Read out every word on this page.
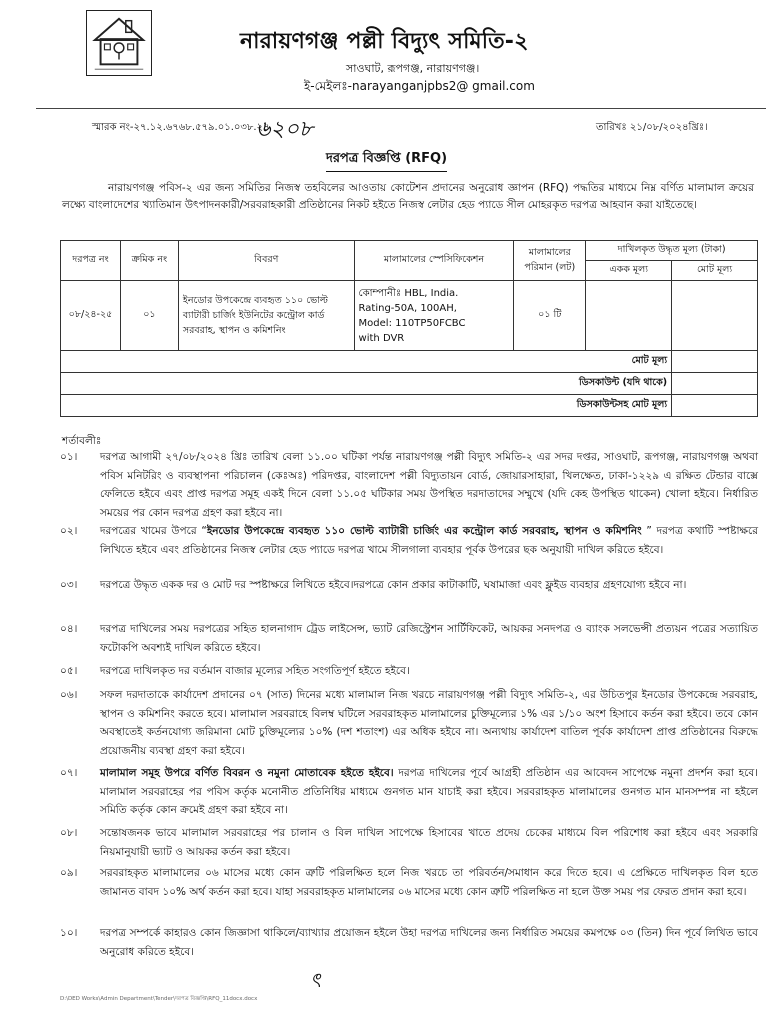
নারায়ণগঞ্জ পল্লী বিদ্যুৎ সমিতি-২
সাওঘাট, রূপগঞ্জ, নারায়ণগঞ্জ।
ই-মেইলঃ-narayanganjpbs2@ gmail.com
স্মারক নং-২৭.১২.৬৭৬৮.৫৭৯.০১.০৩৮.২৪
৬২০৮	তারিখঃ ২১/০৮/২০২৪খ্রিঃ।
দরপত্র বিজ্ঞপ্তি (RFQ)
নারায়ণগঞ্জ পবিস-২ এর জন্য সমিতির নিজস্ব তহবিলের আওতায় কোটেশন প্রদানের অনুরোধ জ্ঞাপন (RFQ) পদ্ধতির মাধ্যমে নিম্ন বর্ণিত মালামাল ক্রয়ের লক্ষ্যে বাংলাদেশের খ্যাতিমান উৎপাদনকারী/সরবরাহকারী প্রতিষ্ঠানের নিকট হইতে নিজস্ব লেটার হেড প্যাডে সীল মোহরকৃত দরপত্র আহবান করা যাইতেছে।
দরপত্র নং	ক্রমিক নং	বিবরণ	মালামালের স্পেসিফিকেশন	মালামালের পরিমান (লট)	দাখিলকৃত উদ্ধৃত মূল্য (টাকা)	
					একক মূল্য	মোট মূল্য
০৮/২৪-২৫	০১	ইনডোর উপকেন্দ্রে ব্যবহৃত ১১০ ভোল্ট ব্যাটারী চার্জিং ইউনিটের কন্ট্রোল কার্ড সরবরাহ, স্থাপন ও কমিশনিং	কোম্পানীঃ HBL, India.
Rating-50A, 100AH,
Model: 110TP50FCBC
with DVR	০১ টি		
মোট মূল্য						
ডিসকাউন্ট (যদি থাকে)						
ডিসকাউন্টসহ মোট মূল্য						
শর্তাবলীঃ
০১।	দরপত্র আগামী ২৭/০৮/২০২৪ খ্রিঃ তারিখ বেলা ১১.০০ ঘটিকা পর্যন্ত নারায়ণগঞ্জ পল্লী বিদ্যুৎ সমিতি-২ এর সদর দপ্তর, সাওঘাট, রূপগঞ্জ, নারায়ণগঞ্জ অথবা পবিস মনিটরিং ও ব্যবস্থাপনা পরিচালন (কেঃঅঃ) পরিদপ্তর, বাংলাদেশ পল্লী বিদ্যুতায়ন বোর্ড, জোয়ারসাহারা, খিলক্ষেত, ঢাকা-১২২৯ এ রক্ষিত টেন্ডার বাক্সে ফেলিতে হইবে এবং প্রাপ্ত দরপত্র সমূহ একই দিনে বেলা ১১.০৫ ঘটিকার সময় উপস্থিত দরদাতাদের সম্মুখে (যদি কেহ উপস্থিত থাকেন) খোলা হইবে। নির্ধারিত সময়ের পর কোন দরপত্র গ্রহণ করা হইবে না।
০২।	দরপত্রের খামের উপরে “ইনডোর উপকেন্দ্রে ব্যবহৃত ১১০ ভোল্ট ব্যাটারী চার্জিং এর কন্ট্রোল কার্ড সরবরাহ, স্থাপন ও কমিশনিং ” দরপত্র কথাটি স্পষ্টাক্ষরে লিখিতে হইবে এবং প্রতিষ্ঠানের নিজস্ব লেটার হেড প্যাডে দরপত্র খামে সীলগালা ব্যবহার পূর্বক উপরের ছক অনুযায়ী দাখিল করিতে হইবে।
০৩।	দরপত্রে উদ্ধৃত একক দর ও মোট দর স্পষ্টাক্ষরে লিখিতে হইবে।দরপত্রে কোন প্রকার কাটাকাটি, ঘষামাজা এবং ফ্লুইড ব্যবহার গ্রহণযোগ্য হইবে না।
০৪।	দরপত্র দাখিলের সময় দরপত্রের সহিত হালনাগাদ ট্রেড লাইসেন্স, ভ্যাট রেজিস্ট্রেশন সার্টিফিকেট, আয়কর সনদপত্র ও ব্যাংক সলভেন্সী প্রত্যয়ন পত্রের সত্যায়িত ফটোকপি অবশ্যই দাখিল করিতে হইবে।
০৫।	দরপত্রে দাখিলকৃত দর বর্তমান বাজার মূল্যের সহিত সংগতিপূর্ণ হইতে হইবে।
০৬।	সফল দরদাতাকে কার্যাদেশ প্রদানের ০৭ (সাত) দিনের মধ্যে মালামাল নিজ খরচে নারায়ণগঞ্জ পল্লী বিদ্যুৎ সমিতি-২, এর উচিতপুর ইনডোর উপকেন্দ্রে সরবরাহ, স্থাপন ও কমিশনিং করতে হবে। মালামাল সরবরাহে বিলম্ব ঘটিলে সরবরাহকৃত মালামালের চুক্তিমূল্যের ১% এর ১/১০ অংশ হিসাবে কর্তন করা হইবে। তবে কোন অবস্থাতেই কর্তনযোগ্য জরিমানা মোট চুক্তিমূল্যের ১০% (দশ শতাংশ) এর অধিক হইবে না। অন্যথায় কার্যাদেশ বাতিল পূর্বক কার্যাদেশ প্রাপ্ত প্রতিষ্ঠানের বিরুদ্ধে প্রয়োজনীয় ব্যবস্থা গ্রহণ করা হইবে।
০৭।	মালামাল সমূহ উপরে বর্ণিত বিবরন ও নমুনা মোতাবেক হইতে হইবে। দরপত্র দাখিলের পূর্বে আগ্রহী প্রতিষ্ঠান এর আবেদন সাপেক্ষে নমুনা প্রদর্শন করা হবে। মালামাল সরবরাহের পর পবিস কর্তৃক মনোনীত প্রতিনিধির মাধ্যমে গুনগত মান যাচাই করা হইবে। সরবরাহকৃত মালামালের গুনগত মান মানসম্পন্ন না হইলে সমিতি কর্তৃক কোন ক্রমেই গ্রহণ করা হইবে না।
০৮।	সন্তোষজনক ভাবে মালামাল সরবরাহের পর চালান ও বিল দাখিল সাপেক্ষে হিসাবের খাতে প্রদেয় চেকের মাধ্যমে বিল পরিশোধ করা হইবে এবং সরকারি নিয়মানুযায়ী ভ্যাট ও আয়কর কর্তন করা হইবে।
০৯।	সরবরাহকৃত মালামালের ০৬ মাসের মধ্যে কোন ত্রুটি পরিলক্ষিত হলে নিজ খরচে তা পরিবর্তন/সমাধান করে দিতে হবে। এ প্রেক্ষিতে দাখিলকৃত বিল হতে জামানত বাবদ ১০% অর্থ কর্তন করা হবে। যাহা সরবরাহকৃত মালামালের ০৬ মাসের মধ্যে কোন ত্রুটি পরিলক্ষিত না হলে উক্ত সময় পর ফেরত প্রদান করা হবে।
১০।	দরপত্র সম্পর্কে কাহারও কোন জিজ্ঞাসা থাকিলে/ব্যাখ্যার প্রয়োজন হইলে উহা দরপত্র দাখিলের জন্য নির্ধারিত সময়ের কমপক্ষে ০৩ (তিন) দিন পূর্বে লিখিত ভাবে অনুরোধ করিতে হইবে।
ৎ
D:\DED Works\Admin Department\Tender\দরপত্র বিজ্ঞপ্তি\RFQ_11docx.docx
